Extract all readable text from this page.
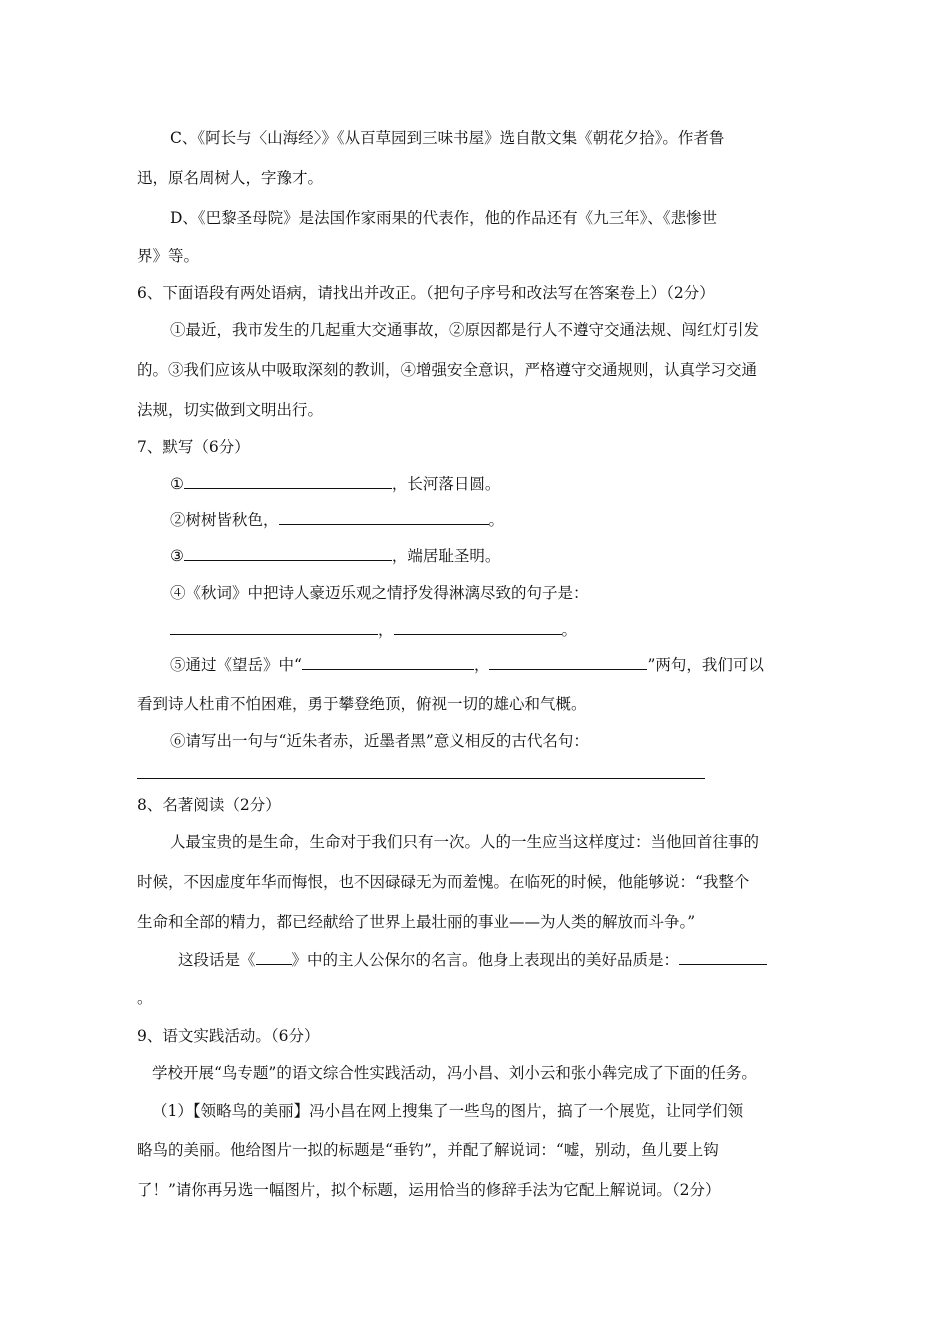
C、《阿长与〈山海经〉》《从百草园到三味书屋》选自散文集《朝花夕拾》。作者鲁
迅，原名周树人，字豫才。
D、《巴黎圣母院》是法国作家雨果的代表作，他的作品还有《九三年》、《悲惨世
界》等。
6、下面语段有两处语病，请找出并改正。（把句子序号和改法写在答案卷上）（2分）
①最近，我市发生的几起重大交通事故，②原因都是行人不遵守交通法规、闯红灯引发
的。③我们应该从中吸取深刻的教训，④增强安全意识，严格遵守交通规则，认真学习交通
法规，切实做到文明出行。
7、默写（6分）
①	，长河落日圆。
②树树皆秋色，	。
③	，端居耻圣明。
④《秋词》中把诗人豪迈乐观之情抒发得淋漓尽致的句子是：
，	。
⑤通过《望岳》中“	，	”两句，我们可以
看到诗人杜甫不怕困难，勇于攀登绝顶，俯视一切的雄心和气概。
⑥请写出一句与“近朱者赤，近墨者黑”意义相反的古代名句：
8、名著阅读（2分）
人最宝贵的是生命，生命对于我们只有一次。人的一生应当这样度过：当他回首往事的
时候，不因虚度年华而悔恨，也不因碌碌无为而羞愧。在临死的时候，他能够说：“我整个
生命和全部的精力，都已经献给了世界上最壮丽的事业——为人类的解放而斗争。”
这段话是《 》中的主人公保尔的名言。他身上表现出的美好品质是：
。
9、语文实践活动。（6分）
学校开展“鸟专题”的语文综合性实践活动，冯小昌、刘小云和张小犇完成了下面的任务。
（1）【领略鸟的美丽】冯小昌在网上搜集了一些鸟的图片，搞了一个展览，让同学们领
略鸟的美丽。他给图片一拟的标题是“垂钓”，并配了解说词：“嘘，别动，鱼儿要上钩
了！”请你再另选一幅图片，拟个标题，运用恰当的修辞手法为它配上解说词。（2分）
